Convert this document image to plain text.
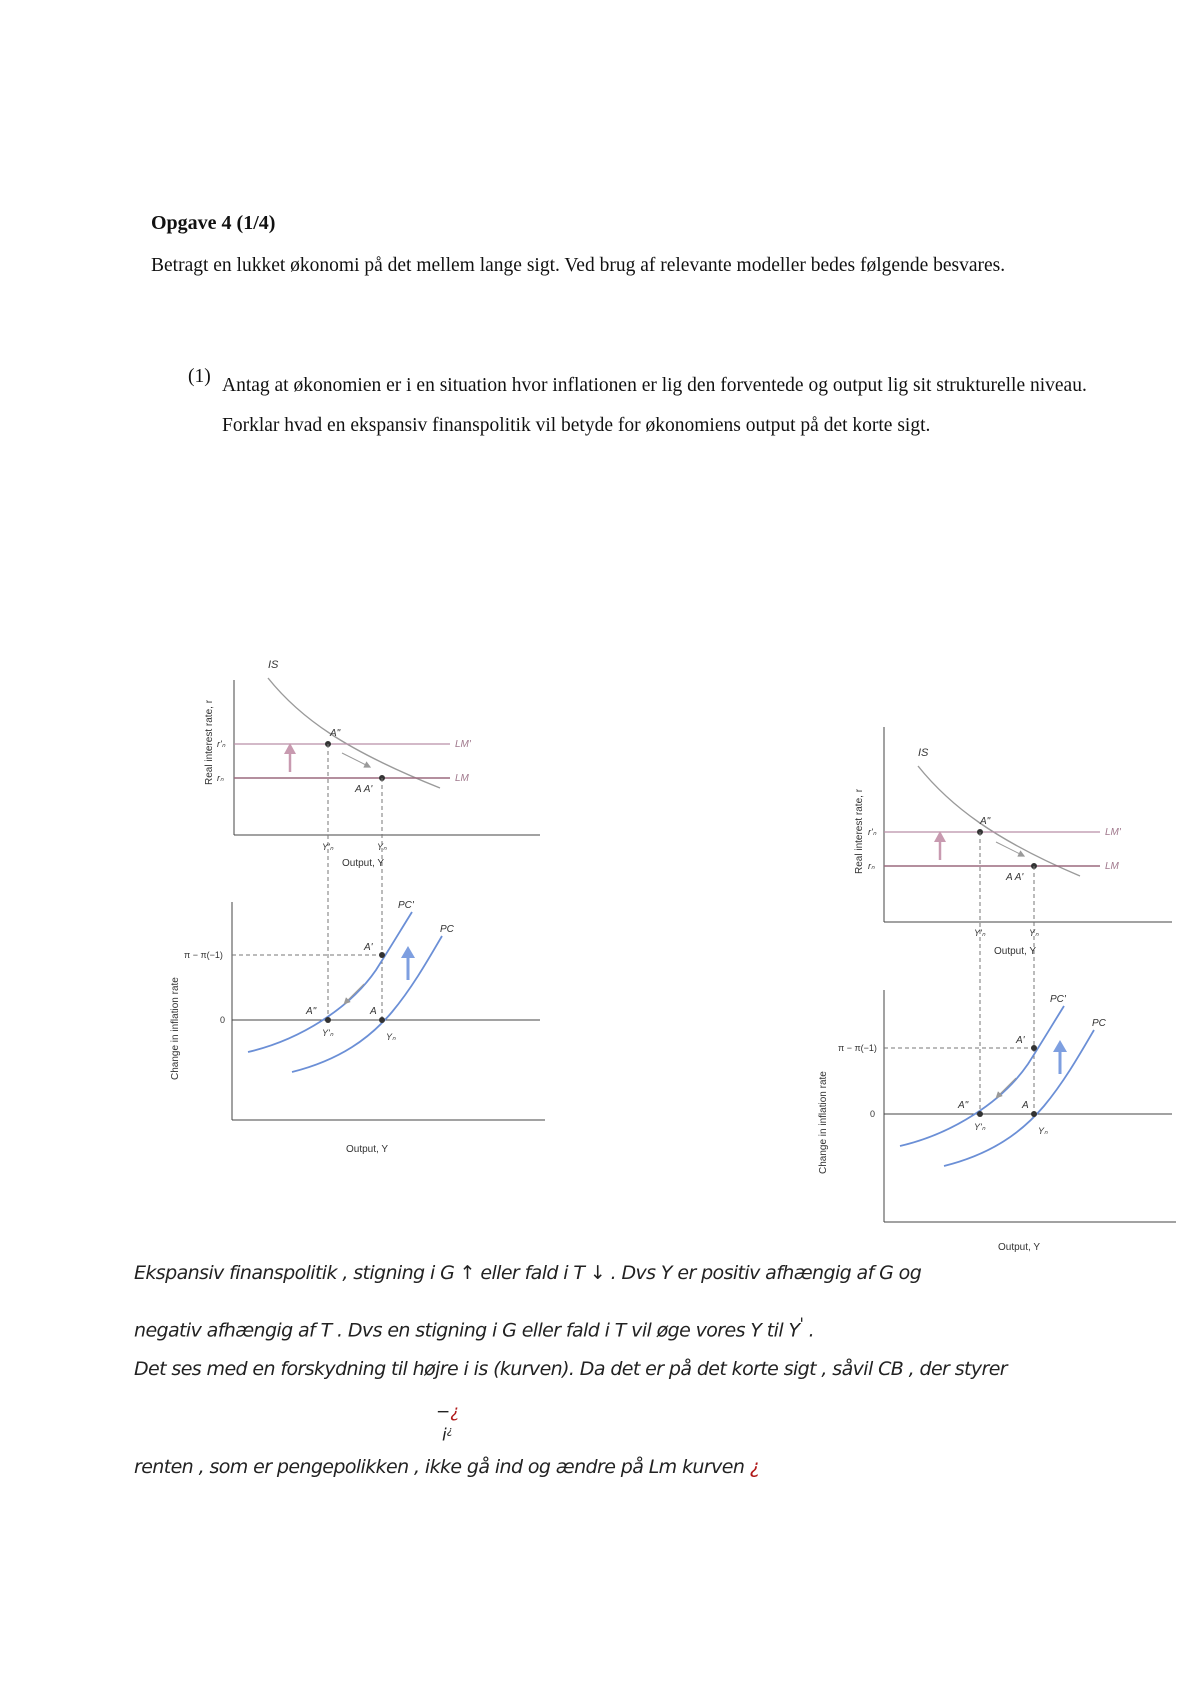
Opgave 4 (1/4)
Betragt en lukket økonomi på det mellem lange sigt. Ved brug af relevante modeller bedes følgende besvares.
(1) Antag at økonomien er i en situation hvor inflationen er lig den forventede og output lig sit strukturelle niveau. Forklar hvad en ekspansiv finanspolitik vil betyde for økonomiens output på det korte sigt.
Real interest rate, r
IS
LM'
LM
r'ₙ
rₙ
A"
A A'
Y'ₙ	Yₙ
Output, Y
Change in inflation rate
π − π(−1)
0
PC'
PC
A'
A
A"
Y'ₙ	Yₙ
Output, Y
Real interest rate, r
IS
LM'
LM
r'ₙ
rₙ
A"
A A'
Y'ₙ	Yₙ
Output, Y
Change in inflation rate
π − π(−1)
0
PC'
PC
A'
A
A"
Y'ₙ	Yₙ
Output, Y
Ekspansiv finanspolitik , stigning i G ↑ eller fald i T ↓ . Dvs Y er positiv afhængig af G og
negativ afhængig af T . Dvs en stigning i G eller fald i T vil øge vores Y til Y' .
Det ses med en forskydning til højre i is (kurven). Da det er på det korte sigt , såvil CB , der styrer
−¿
i¿
renten , som er pengepolikken , ikke gå ind og ændre på Lm kurven ¿
